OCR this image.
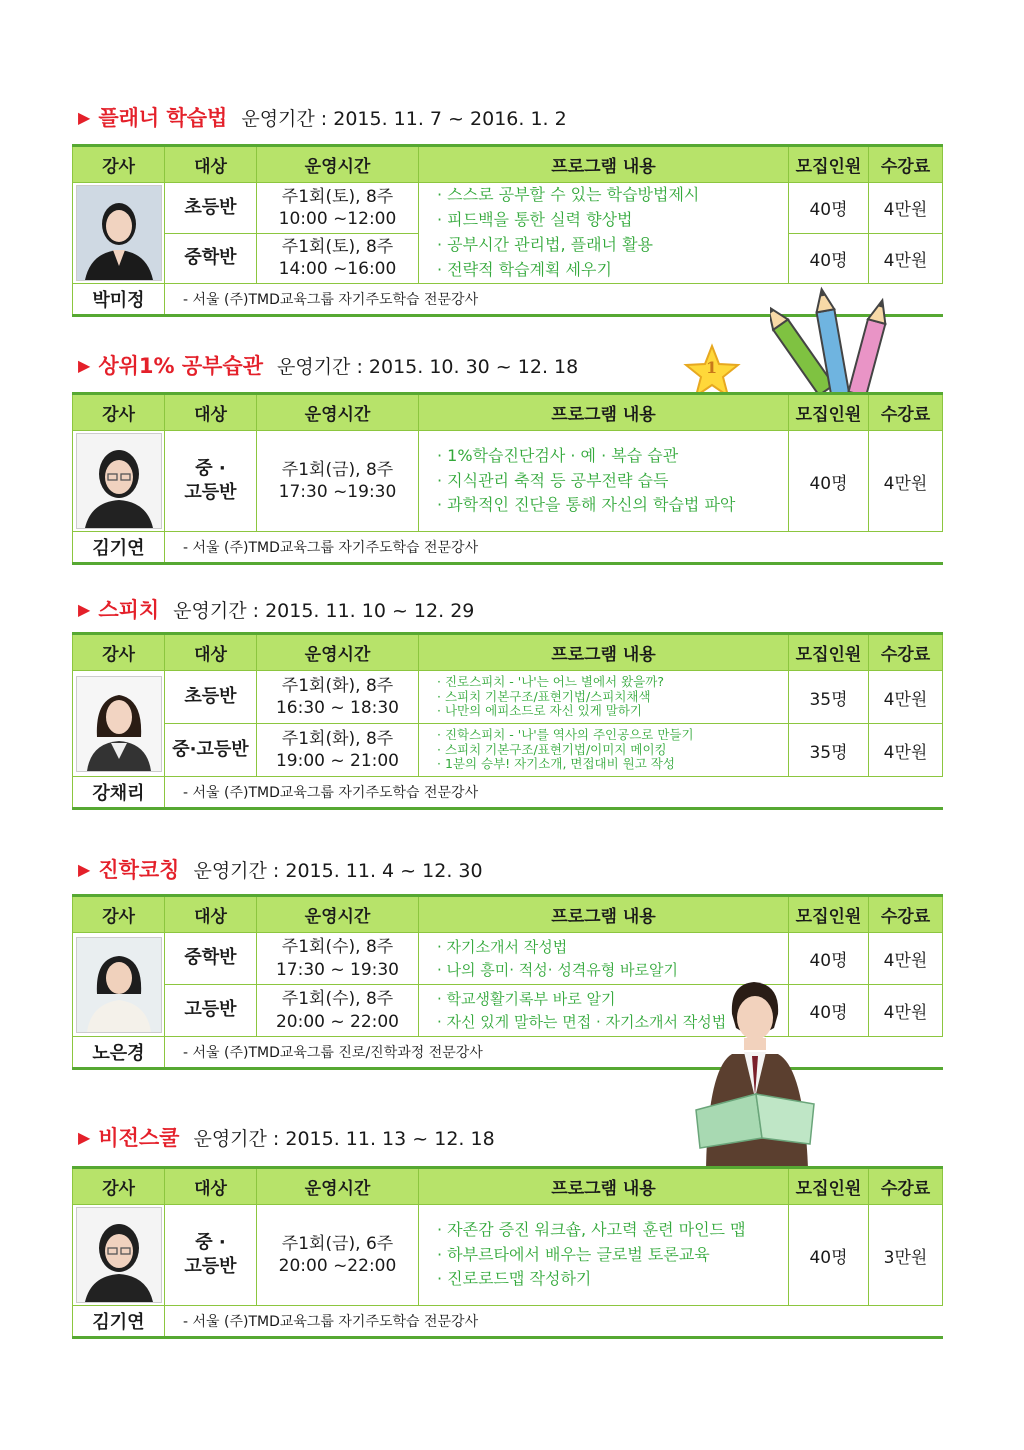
▶ 플래너 학습법 운영기간 : 2015. 11. 7 ~ 2016. 1. 2
강사	대상	운영시간	프로그램 내용	모집인원	수강료

	초등반	주1회(토), 8주
10:00 ~12:00	· 스스로 공부할 수 있는 학습방법제시
· 피드백을 통한 실력 향상법
· 공부시간 관리법, 플래너 활용
· 전략적 학습계획 세우기	40명	4만원
	중학반	주1회(토), 8주
14:00 ~16:00		40명	4만원
박미정	- 서울 (주)TMD교육그룹 자기주도학습 전문강사				
1
▶ 상위1% 공부습관 운영기간 : 2015. 10. 30 ~ 12. 18
강사	대상	운영시간	프로그램 내용	모집인원	수강료

중 ·
고등반	주1회(금), 8주
17:30 ~19:30	· 1%학습진단검사 · 예 · 복습 습관
· 지식관리 축적 등 공부전략 습득
· 과학적인 진단을 통해 자신의 학습법 파악	40명	4만원
김기연	- 서울 (주)TMD교육그룹 자기주도학습 전문강사				
▶ 스피치 운영기간 : 2015. 11. 10 ~ 12. 29
강사	대상	운영시간	프로그램 내용	모집인원	수강료

	초등반	주1회(화), 8주
16:30 ~ 18:30	· 진로스피치 - '나'는 어느 별에서 왔을까?
· 스피치 기본구조/표현기법/스피치채색
· 나만의 에피소드로 자신 있게 말하기	35명	4만원
	중·고등반	주1회(화), 8주
19:00 ~ 21:00	· 진학스피치 - '나'를 역사의 주인공으로 만들기
· 스피치 기본구조/표현기법/이미지 메이킹
· 1분의 승부! 자기소개, 면접대비 원고 작성	35명	4만원
강채리	- 서울 (주)TMD교육그룹 자기주도학습 전문강사				
▶ 진학코칭 운영기간 : 2015. 11. 4 ~ 12. 30
강사	대상	운영시간	프로그램 내용	모집인원	수강료

	중학반	주1회(수), 8주
17:30 ~ 19:30	· 자기소개서 작성법
· 나의 흥미· 적성· 성격유형 바로알기	40명	4만원
	고등반	주1회(수), 8주
20:00 ~ 22:00	· 학교생활기록부 바로 알기
· 자신 있게 말하는 면접 · 자기소개서 작성법	40명	4만원
노은경	- 서울 (주)TMD교육그룹 진로/진학과정 전문강사				
▶ 비전스쿨 운영기간 : 2015. 11. 13 ~ 12. 18
강사	대상	운영시간	프로그램 내용	모집인원	수강료

중 ·
고등반	주1회(금), 6주
20:00 ~22:00	· 자존감 증진 워크숍, 사고력 훈련 마인드 맵
· 하부르타에서 배우는 글로벌 토론교육
· 진로로드맵 작성하기	40명	3만원
김기연	- 서울 (주)TMD교육그룹 자기주도학습 전문강사				
